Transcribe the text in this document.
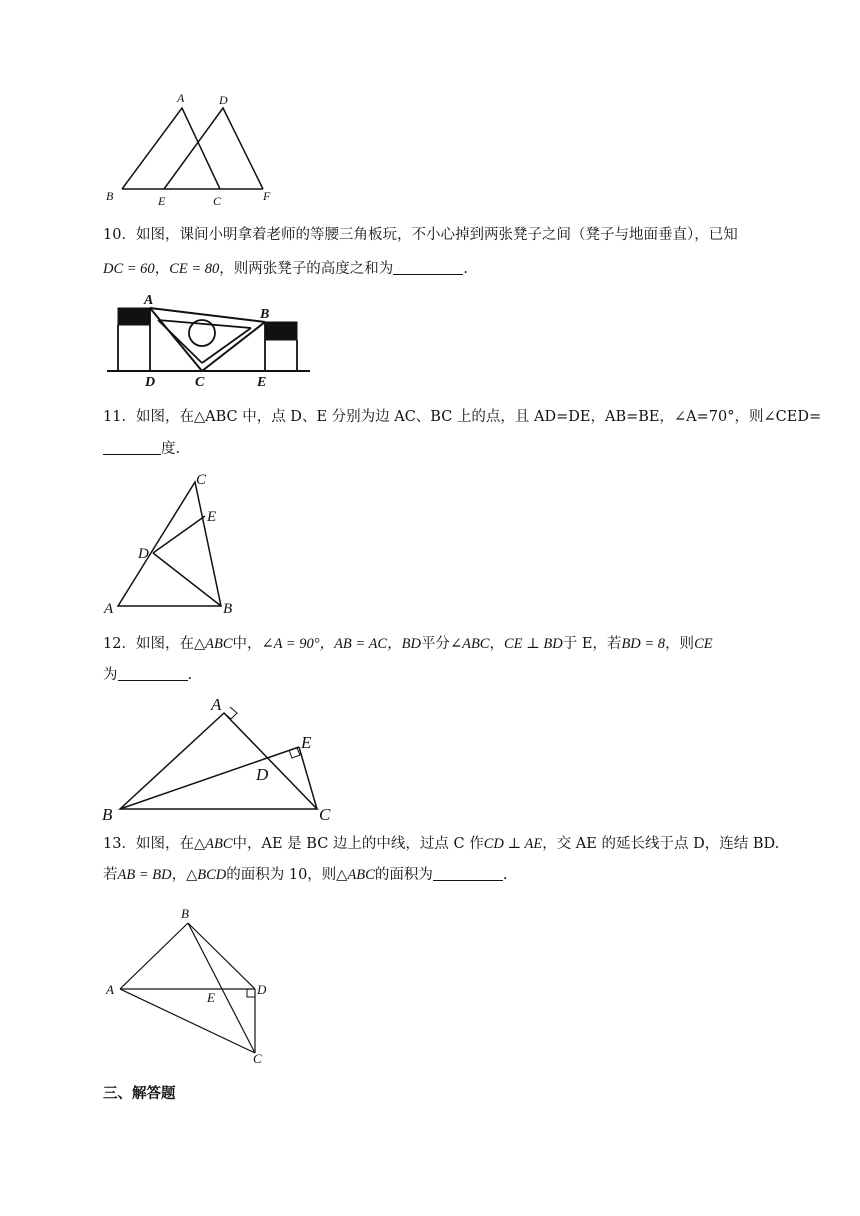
A	D
B	E	C	F
10．如图，课间小明拿着老师的等腰三角板玩，不小心掉到两张凳子之间（凳子与地面垂直），已知
DC = 60，CE = 80，则两张凳子的高度之和为	.
A
B
D	C	E
11．如图，在△ABC 中，点 D、E 分别为边 AC、BC 上的点，且 AD=DE，AB=BE，∠A=70°，则∠CED=
度.
C
E
D
A	B
12．如图，在△ABC中，∠A = 90°，AB = AC，BD平分∠ABC，CE ⊥ BD于 E，若BD = 8，则CE
为	.
A
E
D
B	C
13．如图，在△ABC中，AE 是 BC 边上的中线，过点 C 作CD ⊥ AE，交 AE 的延长线于点 D，连结 BD.
若AB = BD，△BCD的面积为 10，则△ABC的面积为	.
B
A
E
D
C
三、解答题
